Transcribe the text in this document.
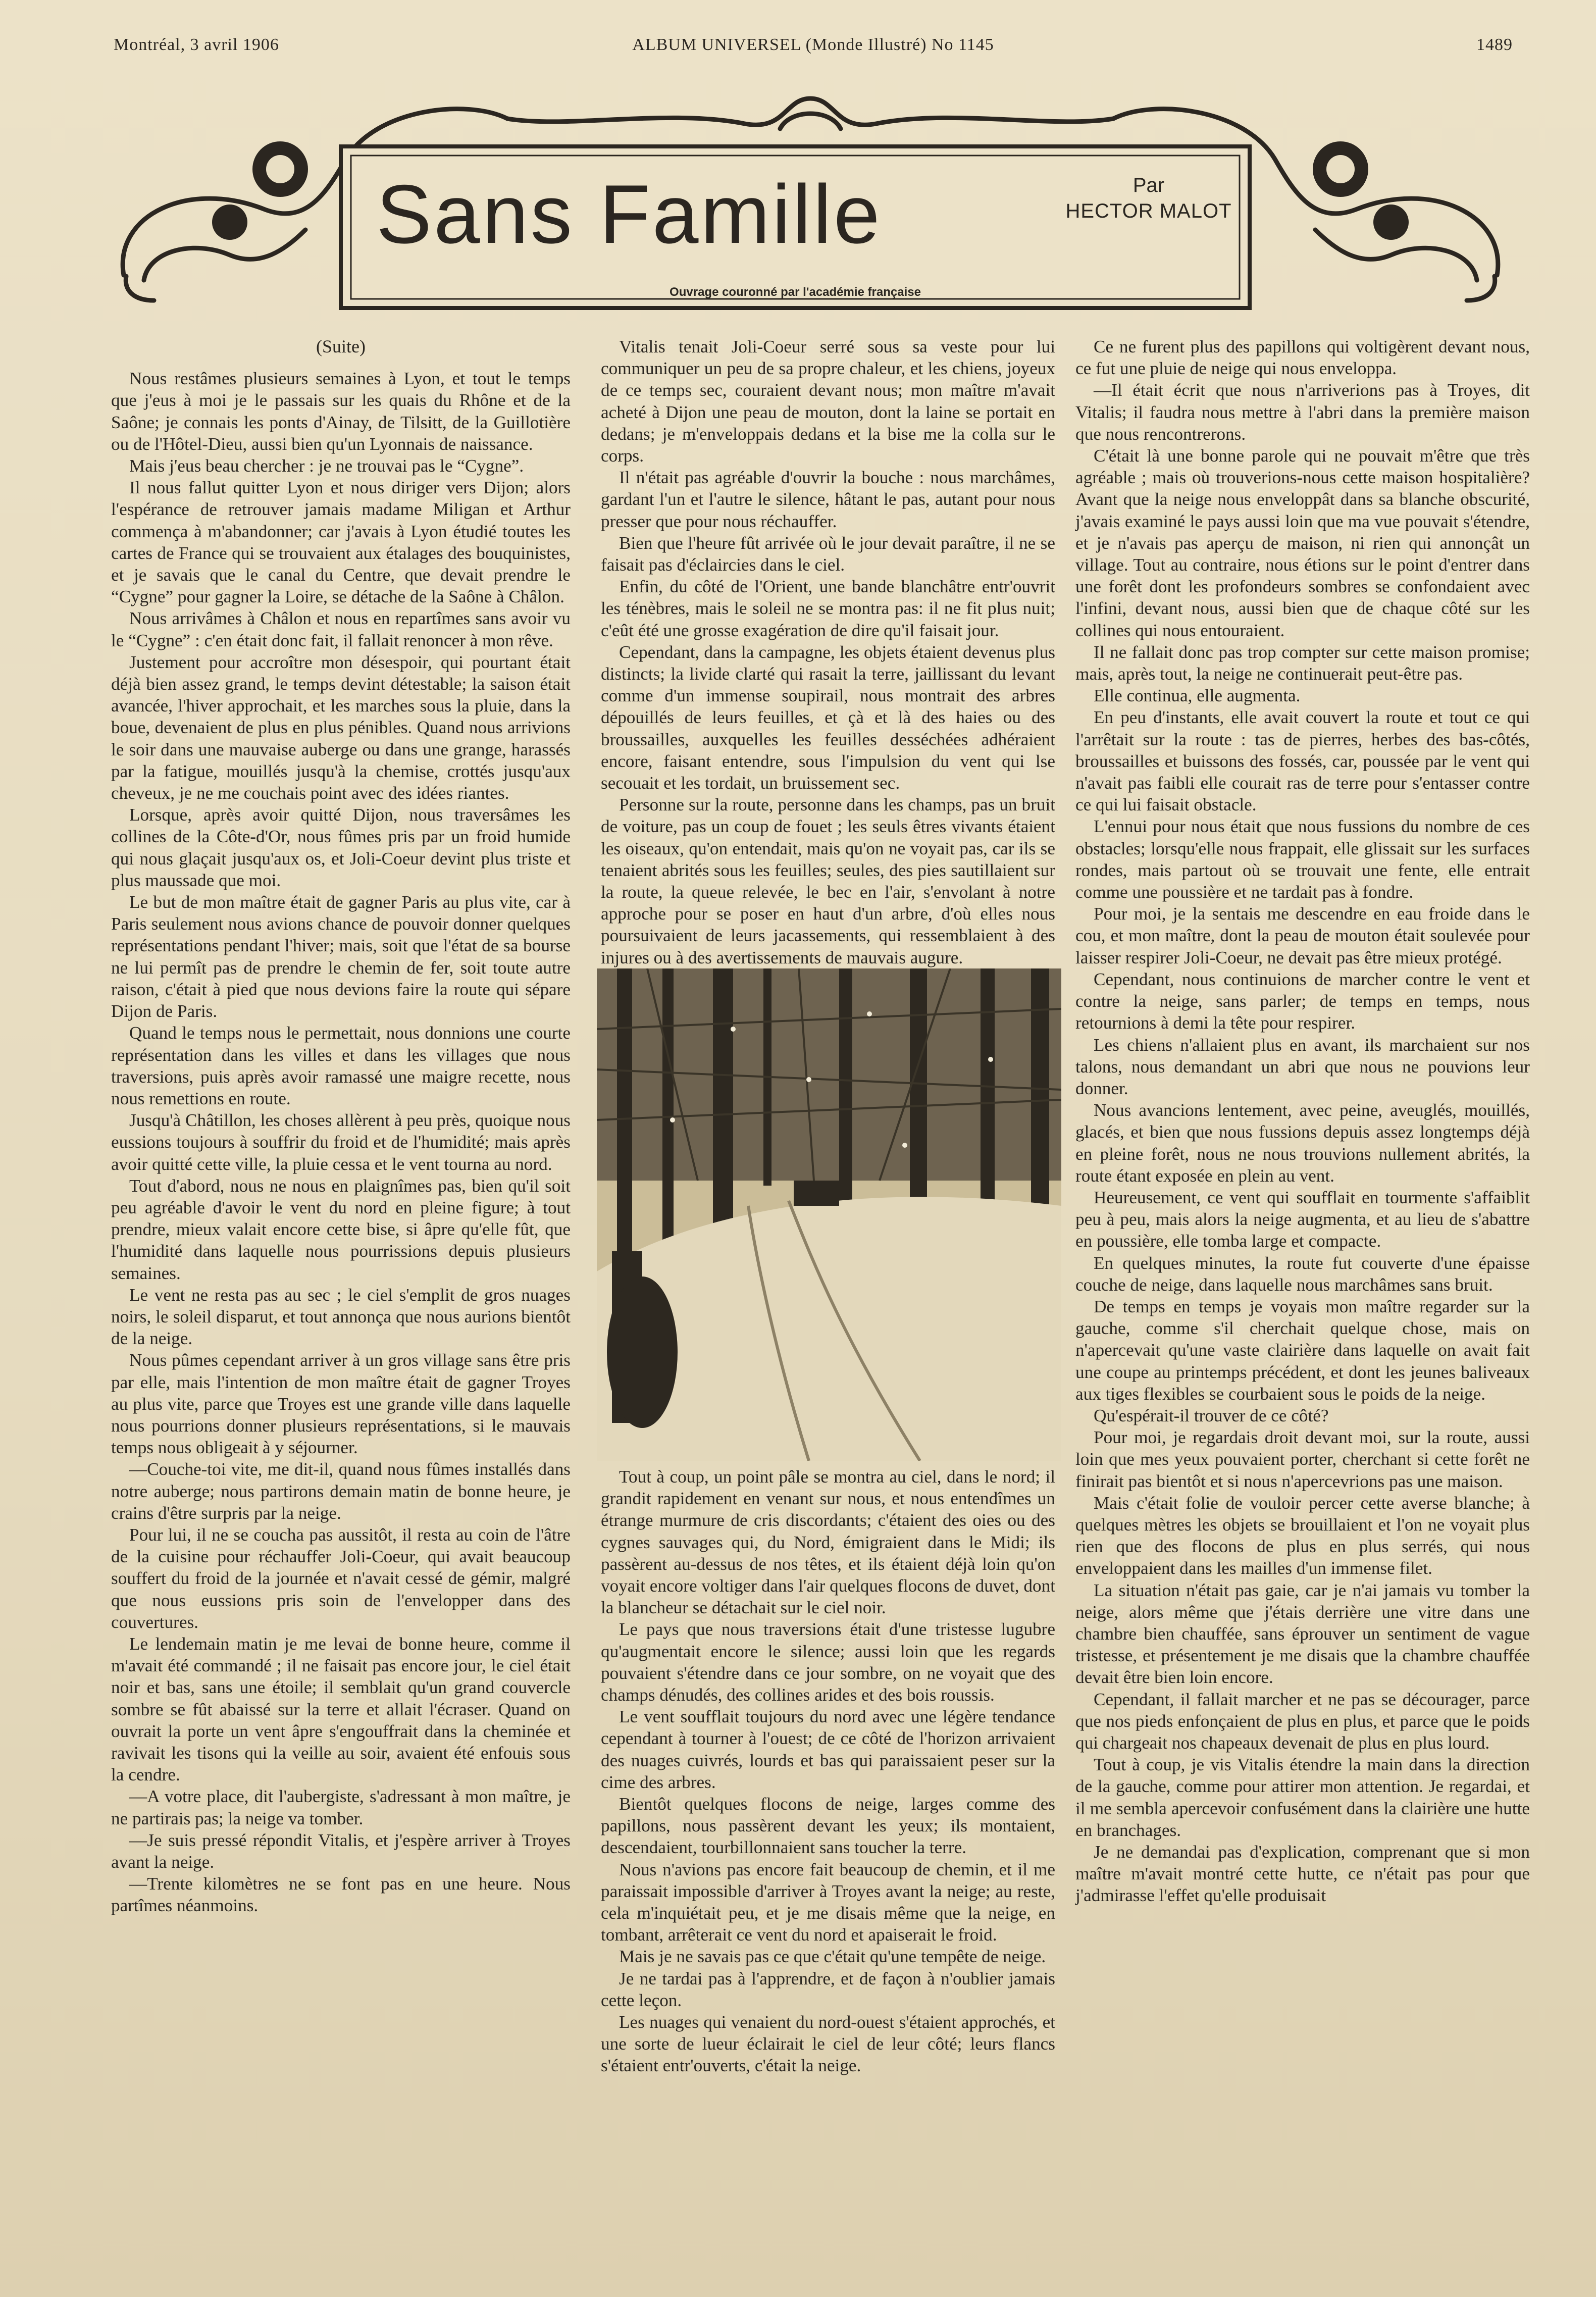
Montréal, 3 avril 1906	ALBUM UNIVERSEL (Monde Illustré) No 1145	1489
Sans Famille	Par
HECTOR MALOT
Ouvrage couronné par l'académie française

(Suite)

Nous restâmes plusieurs semaines à Lyon, et tout le temps que j'eus à moi je le passais sur les quais du Rhône et de la Saône; je connais les ponts d'Ainay, de Tilsitt, de la Guillotière ou de l'Hôtel-Dieu, aussi bien qu'un Lyonnais de naissance.

Mais j'eus beau chercher : je ne trouvai pas le “Cygne”.

Il nous fallut quitter Lyon et nous diriger vers Dijon; alors l'espérance de retrouver jamais madame Miligan et Arthur commença à m'abandonner; car j'avais à Lyon étudié toutes les cartes de France qui se trouvaient aux étalages des bouquinistes, et je savais que le canal du Centre, que devait prendre le “Cygne” pour gagner la Loire, se détache de la Saône à Châlon.

Nous arrivâmes à Châlon et nous en repartîmes sans avoir vu le “Cygne” : c'en était donc fait, il fallait renoncer à mon rêve.

Justement pour accroître mon désespoir, qui pourtant était déjà bien assez grand, le temps devint détestable; la saison était avancée, l'hiver approchait, et les marches sous la pluie, dans la boue, devenaient de plus en plus pénibles. Quand nous arrivions le soir dans une mauvaise auberge ou dans une grange, harassés par la fatigue, mouillés jusqu'à la chemise, crottés jusqu'aux cheveux, je ne me couchais point avec des idées riantes.

Lorsque, après avoir quitté Dijon, nous traversâmes les collines de la Côte-d'Or, nous fûmes pris par un froid humide qui nous glaçait jusqu'aux os, et Joli-Coeur devint plus triste et plus maussade que moi.

Le but de mon maître était de gagner Paris au plus vite, car à Paris seulement nous avions chance de pouvoir donner quelques représentations pendant l'hiver; mais, soit que l'état de sa bourse ne lui permît pas de prendre le chemin de fer, soit toute autre raison, c'était à pied que nous devions faire la route qui sépare Dijon de Paris.

Quand le temps nous le permettait, nous donnions une courte représentation dans les villes et dans les villages que nous traversions, puis après avoir ramassé une maigre recette, nous nous remettions en route.

Jusqu'à Châtillon, les choses allèrent à peu près, quoique nous eussions toujours à souffrir du froid et de l'humidité; mais après avoir quitté cette ville, la pluie cessa et le vent tourna au nord.

Tout d'abord, nous ne nous en plaignîmes pas, bien qu'il soit peu agréable d'avoir le vent du nord en pleine figure; à tout prendre, mieux valait encore cette bise, si âpre qu'elle fût, que l'humidité dans laquelle nous pourrissions depuis plusieurs semaines.

Le vent ne resta pas au sec ; le ciel s'emplit de gros nuages noirs, le soleil disparut, et tout annonça que nous aurions bientôt de la neige.

Nous pûmes cependant arriver à un gros village sans être pris par elle, mais l'intention de mon maître était de gagner Troyes au plus vite, parce que Troyes est une grande ville dans laquelle nous pourrions donner plusieurs représentations, si le mauvais temps nous obligeait à y séjourner.

—Couche-toi vite, me dit-il, quand nous fûmes installés dans notre auberge; nous partirons demain matin de bonne heure, je crains d'être surpris par la neige.

Pour lui, il ne se coucha pas aussitôt, il resta au coin de l'âtre de la cuisine pour réchauffer Joli-Coeur, qui avait beaucoup souffert du froid de la journée et n'avait cessé de gémir, malgré que nous eussions pris soin de l'envelopper dans des couvertures.

Le lendemain matin je me levai de bonne heure, comme il m'avait été commandé ; il ne faisait pas encore jour, le ciel était noir et bas, sans une étoile; il semblait qu'un grand couvercle sombre se fût abaissé sur la terre et allait l'écraser. Quand on ouvrait la porte un vent âpre s'engouffrait dans la cheminée et ravivait les tisons qui la veille au soir, avaient été enfouis sous la cendre.

—A votre place, dit l'aubergiste, s'adressant à mon maître, je ne partirais pas; la neige va tomber.

—Je suis pressé répondit Vitalis, et j'espère arriver à Troyes avant la neige.

—Trente kilomètres ne se font pas en une heure. Nous partîmes néanmoins.

Vitalis tenait Joli-Coeur serré sous sa veste pour lui communiquer un peu de sa propre chaleur, et les chiens, joyeux de ce temps sec, couraient devant nous; mon maître m'avait acheté à Dijon une peau de mouton, dont la laine se portait en dedans; je m'enveloppais dedans et la bise me la colla sur le corps.

Il n'était pas agréable d'ouvrir la bouche : nous marchâmes, gardant l'un et l'autre le silence, hâtant le pas, autant pour nous presser que pour nous réchauffer.

Bien que l'heure fût arrivée où le jour devait paraître, il ne se faisait pas d'éclaircies dans le ciel.

Enfin, du côté de l'Orient, une bande blanchâtre entr'ouvrit les ténèbres, mais le soleil ne se montra pas: il ne fit plus nuit; c'eût été une grosse exagération de dire qu'il faisait jour.

Cependant, dans la campagne, les objets étaient devenus plus distincts; la livide clarté qui rasait la terre, jaillissant du levant comme d'un immense soupirail, nous montrait des arbres dépouillés de leurs feuilles, et çà et là des haies ou des broussailles, auxquelles les feuilles desséchées adhéraient encore, faisant entendre, sous l'impulsion du vent qui lse secouait et les tordait, un bruissement sec.

Personne sur la route, personne dans les champs, pas un bruit de voiture, pas un coup de fouet ; les seuls êtres vivants étaient les oiseaux, qu'on entendait, mais qu'on ne voyait pas, car ils se tenaient abrités sous les feuilles; seules, des pies sautillaient sur la route, la queue relevée, le bec en l'air, s'envolant à notre approche pour se poser en haut d'un arbre, d'où elles nous poursuivaient de leurs jacassements, qui ressemblaient à des injures ou à des avertissements de mauvais augure.

Tout à coup, un point pâle se montra au ciel, dans le nord; il grandit rapidement en venant sur nous, et nous entendîmes un étrange murmure de cris discordants; c'étaient des oies ou des cygnes sauvages qui, du Nord, émigraient dans le Midi; ils passèrent au-dessus de nos têtes, et ils étaient déjà loin qu'on voyait encore voltiger dans l'air quelques flocons de duvet, dont la blancheur se détachait sur le ciel noir.

Le pays que nous traversions était d'une tristesse lugubre qu'augmentait encore le silence; aussi loin que les regards pouvaient s'étendre dans ce jour sombre, on ne voyait que des champs dénudés, des collines arides et des bois roussis.

Le vent soufflait toujours du nord avec une légère tendance cependant à tourner à l'ouest; de ce côté de l'horizon arrivaient des nuages cuivrés, lourds et bas qui paraissaient peser sur la cime des arbres.

Bientôt quelques flocons de neige, larges comme des papillons, nous passèrent devant les yeux; ils montaient, descendaient, tourbillonnaient sans toucher la terre.

Nous n'avions pas encore fait beaucoup de chemin, et il me paraissait impossible d'arriver à Troyes avant la neige; au reste, cela m'inquiétait peu, et je me disais même que la neige, en tombant, arrêterait ce vent du nord et apaiserait le froid.

Mais je ne savais pas ce que c'était qu'une tempête de neige.

Je ne tardai pas à l'apprendre, et de façon à n'oublier jamais cette leçon.

Les nuages qui venaient du nord-ouest s'étaient approchés, et une sorte de lueur éclairait le ciel de leur côté; leurs flancs s'étaient entr'ouverts, c'était la neige.

Ce ne furent plus des papillons qui voltigèrent devant nous, ce fut une pluie de neige qui nous enveloppa.

—Il était écrit que nous n'arriverions pas à Troyes, dit Vitalis; il faudra nous mettre à l'abri dans la première maison que nous rencontrerons.

C'était là une bonne parole qui ne pouvait m'être que très agréable ; mais où trouverions-nous cette maison hospitalière? Avant que la neige nous enveloppât dans sa blanche obscurité, j'avais examiné le pays aussi loin que ma vue pouvait s'étendre, et je n'avais pas aperçu de maison, ni rien qui annonçât un village. Tout au contraire, nous étions sur le point d'entrer dans une forêt dont les profondeurs sombres se confondaient avec l'infini, devant nous, aussi bien que de chaque côté sur les collines qui nous entouraient.

Il ne fallait donc pas trop compter sur cette maison promise; mais, après tout, la neige ne continuerait peut-être pas.

Elle continua, elle augmenta.

En peu d'instants, elle avait couvert la route et tout ce qui l'arrêtait sur la route : tas de pierres, herbes des bas-côtés, broussailles et buissons des fossés, car, poussée par le vent qui n'avait pas faibli elle courait ras de terre pour s'entasser contre ce qui lui faisait obstacle.

L'ennui pour nous était que nous fussions du nombre de ces obstacles; lorsqu'elle nous frappait, elle glissait sur les surfaces rondes, mais partout où se trouvait une fente, elle entrait comme une poussière et ne tardait pas à fondre.

Pour moi, je la sentais me descendre en eau froide dans le cou, et mon maître, dont la peau de mouton était soulevée pour laisser respirer Joli-Coeur, ne devait pas être mieux protégé.

Cependant, nous continuions de marcher contre le vent et contre la neige, sans parler; de temps en temps, nous retournions à demi la tête pour respirer.

Les chiens n'allaient plus en avant, ils marchaient sur nos talons, nous demandant un abri que nous ne pouvions leur donner.

Nous avancions lentement, avec peine, aveuglés, mouillés, glacés, et bien que nous fussions depuis assez longtemps déjà en pleine forêt, nous ne nous trouvions nullement abrités, la route étant exposée en plein au vent.

Heureusement, ce vent qui soufflait en tourmente s'affaiblit peu à peu, mais alors la neige augmenta, et au lieu de s'abattre en poussière, elle tomba large et compacte.

En quelques minutes, la route fut couverte d'une épaisse couche de neige, dans laquelle nous marchâmes sans bruit.

De temps en temps je voyais mon maître regarder sur la gauche, comme s'il cherchait quelque chose, mais on n'apercevait qu'une vaste clairière dans laquelle on avait fait une coupe au printemps précédent, et dont les jeunes baliveaux aux tiges flexibles se courbaient sous le poids de la neige.

Qu'espérait-il trouver de ce côté?

Pour moi, je regardais droit devant moi, sur la route, aussi loin que mes yeux pouvaient porter, cherchant si cette forêt ne finirait pas bientôt et si nous n'apercevrions pas une maison.

Mais c'était folie de vouloir percer cette averse blanche; à quelques mètres les objets se brouillaient et l'on ne voyait plus rien que des flocons de plus en plus serrés, qui nous enveloppaient dans les mailles d'un immense filet.

La situation n'était pas gaie, car je n'ai jamais vu tomber la neige, alors même que j'étais derrière une vitre dans une chambre bien chauffée, sans éprouver un sentiment de vague tristesse, et présentement je me disais que la chambre chauffée devait être bien loin encore.

Cependant, il fallait marcher et ne pas se décourager, parce que nos pieds enfonçaient de plus en plus, et parce que le poids qui chargeait nos chapeaux devenait de plus en plus lourd.

Tout à coup, je vis Vitalis étendre la main dans la direction de la gauche, comme pour attirer mon attention. Je regardai, et il me sembla apercevoir confusément dans la clairière une hutte en branchages.

Je ne demandai pas d'explication, comprenant que si mon maître m'avait montré cette hutte, ce n'était pas pour que j'admirasse l'effet qu'elle produisait
